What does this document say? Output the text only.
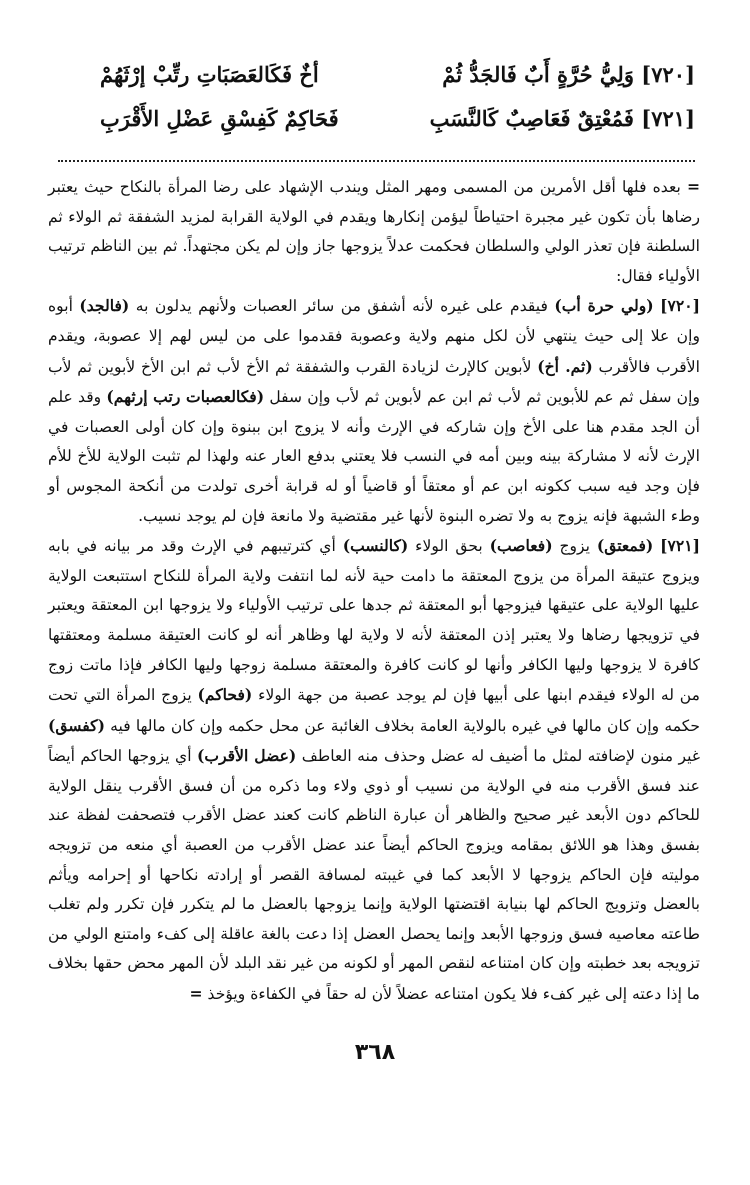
[٧٢٠] وَلِيُّ حُرَّةٍ أَبٌ فَالجَدُّ ثُمْ
أخٌ فَكَالعَصَبَاتِ رتِّبْ إرْثَهُمْ
[٧٢١] فَمُعْتِقٌ فَعَاصِبٌ كَالنَّسَبِ
فَحَاكِمٌ كَفِسْقِ عَضْلِ الأَقْرَبِ

= بعده فلها أقل الأمرين من المسمى ومهر المثل ويندب الإشهاد على رضا المرأة بالنكاح حيث يعتبر رضاها بأن تكون غير مجبرة احتياطاً ليؤمن إنكارها ويقدم في الولاية القرابة لمزيد الشفقة ثم الولاء ثم السلطنة فإن تعذر الولي والسلطان فحكمت عدلاً يزوجها جاز وإن لم يكن مجتهداً. ثم بين الناظم ترتيب الأولياء فقال:

[٧٢٠] (ولي حرة أب) فيقدم على غيره لأنه أشفق من سائر العصبات ولأنهم يدلون به (فالجد) أبوه وإن علا إلى حيث ينتهي لأن لكل منهم ولاية وعصوبة فقدموا على من ليس لهم إلا عصوبة، ويقدم الأقرب فالأقرب (ثم. أخ) لأبوين كالإرث لزيادة القرب والشفقة ثم الأخ لأب ثم ابن الأخ لأبوين ثم لأب وإن سفل ثم عم للأبوين ثم لأب ثم ابن عم لأبوين ثم لأب وإن سفل (فكالعصبات رتب إرثهم) وقد علم أن الجد مقدم هنا على الأخ وإن شاركه في الإرث وأنه لا يزوج ابن ببنوة وإن كان أولى العصبات في الإرث لأنه لا مشاركة بينه وبين أمه في النسب فلا يعتني بدفع العار عنه ولهذا لم تثبت الولاية للأخ للأم فإن وجد فيه سبب ككونه ابن عم أو معتقاً أو قاضياً أو له قرابة أخرى تولدت من أنكحة المجوس أو وطء الشبهة فإنه يزوج به ولا تضره البنوة لأنها غير مقتضية ولا مانعة فإن لم يوجد نسيب.

[٧٢١] (فمعتق) يزوج (فعاصب) بحق الولاء (كالنسب) أي كترتيبهم في الإرث وقد مر بيانه في بابه ويزوج عتيقة المرأة من يزوج المعتقة ما دامت حية لأنه لما انتفت ولاية المرأة للنكاح استتبعت الولاية عليها الولاية على عتيقها فيزوجها أبو المعتقة ثم جدها على ترتيب الأولياء ولا يزوجها ابن المعتقة ويعتبر في تزويجها رضاها ولا يعتبر إذن المعتقة لأنه لا ولاية لها وظاهر أنه لو كانت العتيقة مسلمة ومعتقتها كافرة لا يزوجها وليها الكافر وأنها لو كانت كافرة والمعتقة مسلمة زوجها وليها الكافر فإذا ماتت زوج من له الولاء فيقدم ابنها على أبيها فإن لم يوجد عصبة من جهة الولاء (فحاكم) يزوج المرأة التي تحت حكمه وإن كان مالها في غيره بالولاية العامة بخلاف الغائبة عن محل حكمه وإن كان مالها فيه (كفسق) غير منون لإضافته لمثل ما أضيف له عضل وحذف منه العاطف (عضل الأقرب) أي يزوجها الحاكم أيضاً عند فسق الأقرب منه في الولاية من نسيب أو ذوي ولاء وما ذكره من أن فسق الأقرب ينقل الولاية للحاكم دون الأبعد غير صحيح والظاهر أن عبارة الناظم كانت كعند عضل الأقرب فتصحفت لفظة عند بفسق وهذا هو اللائق بمقامه ويزوج الحاكم أيضاً عند عضل الأقرب من العصبة أي منعه من تزويجه موليته فإن الحاكم يزوجها لا الأبعد كما في غيبته لمسافة القصر أو إرادته نكاحها أو إحرامه ويأثم بالعضل وتزويج الحاكم لها بنيابة اقتضتها الولاية وإنما يزوجها بالعضل ما لم يتكرر فإن تكرر ولم تغلب طاعته معاصيه فسق وزوجها الأبعد وإنما يحصل العضل إذا دعت بالغة عاقلة إلى كفء وامتنع الولي من تزويجه بعد خطبته وإن كان امتناعه لنقص المهر أو لكونه من غير نقد البلد لأن المهر محض حقها بخلاف ما إذا دعته إلى غير كفء فلا يكون امتناعه عضلاً لأن له حقاً في الكفاءة ويؤخذ =

٣٦٨
